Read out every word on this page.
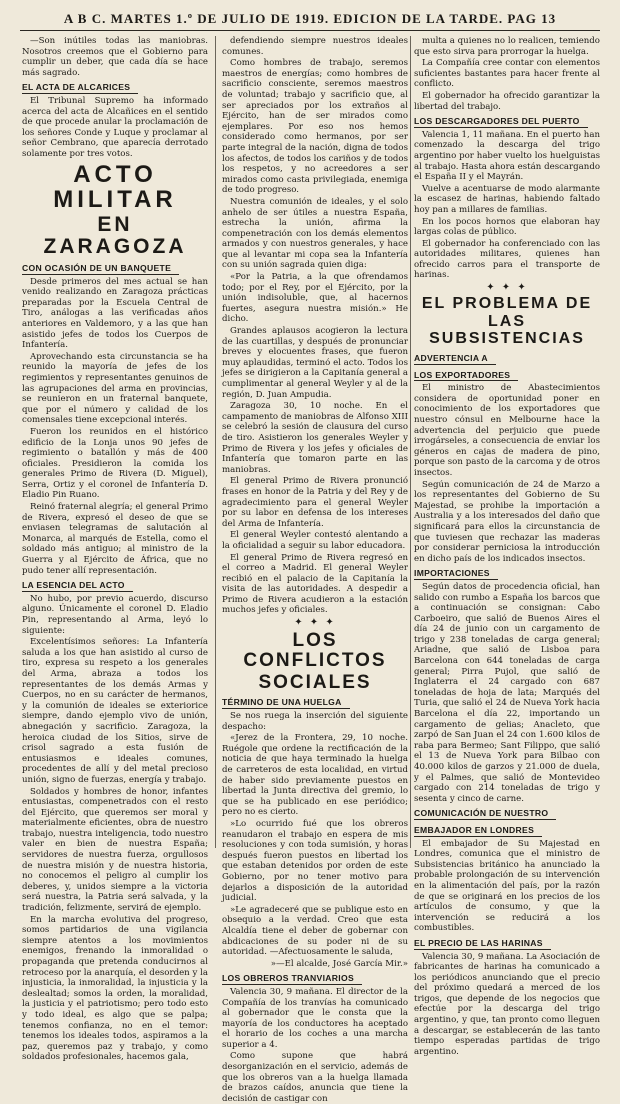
A B C. MARTES 1.º DE JULIO DE 1919. EDICION DE LA TARDE. PAG 13

—Son inútiles todas las maniobras. Nosotros creemos que el Gobierno para cumplir un deber, que cada día se hace más sagrado.

EL ACTA DE ALCARICES

El Tribunal Supremo ha informado acerca del acta de Alcañices en el sentido de que procede anular la proclamación de los señores Conde y Luque y proclamar al señor Cembrano, que aparecía derrotado solamente por tres votos.

ACTO MILITAR
EN ZARAGOZA
CON OCASIÓN DE UN BANQUETE

Desde primeros del mes actual se han venido realizando en Zaragoza prácticas preparadas por la Escuela Central de Tiro, análogas a las verificadas años anteriores en Valdemoro, y a las que han asistido jefes de todos los Cuerpos de Infantería.

Aprovechando esta circunstancia se ha reunido la mayoría de jefes de los regimientos y representantes genuinos de las agrupaciones del arma en provincias, se reunieron en un fraternal banquete, que por el número y calidad de los comensales tiene excepcional interés.

Fueron los reunidos en el histórico edificio de la Lonja unos 90 jefes de regimiento o batallón y más de 400 oficiales. Presidieron la comida los generales Primo de Rivera (D. Miguel), Serra, Ortiz y el coronel de Infantería D. Eladio Pin Ruano.

Reinó fraternal alegría; el general Primo de Rivera, expresó el deseo de que se enviasen telegramas de salutación al Monarca, al marqués de Estella, como el soldado más antiguo; al ministro de la Guerra y al Ejército de África, que no pudo tener allí representación.

LA ESENCIA DEL ACTO

No hubo, por previo acuerdo, discurso alguno. Únicamente el coronel D. Eladio Pin, representando al Arma, leyó lo siguiente:

Excelentísimos señores: La Infantería saluda a los que han asistido al curso de tiro, expresa su respeto a los generales del Arma, abraza a todos los representantes de los demás Armas y Cuerpos, no en su carácter de hermanos, y la comunión de ideales se exteriorice siempre, dando ejemplo vivo de unión, abnegación y sacrificio. Zaragoza, la heroica ciudad de los Sitios, sirve de crisol sagrado a esta fusión de entusiasmos e ideales comunes, procedentes de allí y del metal precioso unión, signo de fuerzas, energía y trabajo.

Soldados y hombres de honor, infantes entusiastas, compenetrados con el resto del Ejército, que queremos ser moral y materialmente eficientes, obra de nuestro trabajo, nuestra inteligencia, todo nuestro valer en bien de nuestra España; servidores de nuestra fuerza, orgullosos de nuestra misión y de nuestra historia, no conocemos el peligro al cumplir los deberes, y, unidos siempre a la victoria será nuestra, la Patria será salvada, y la tradición, felizmente, servirá de ejemplo.

En la marcha evolutiva del progreso, somos partidarios de una vigilancia siempre atentos a los movimientos enemigos, frenando la inmoralidad o propaganda que pretenda conducirnos al retroceso por la anarquía, el desorden y la injusticia, la inmoralidad, la injusticia y la deslealtad; somos la orden, la moralidad, la justicia y el patriotismo; pero todo esto y todo ideal, es algo que se palpa; tenemos confianza, no en el temor: tenemos los ideales todos, aspiramos a la paz, queremos paz y trabajo, y como soldados profesionales, hacemos gala,

defendiendo siempre nuestros ideales comunes.

Como hombres de trabajo, seremos maestros de energías; como hombres de sacrificio consciente, seremos maestros de voluntad; trabajo y sacrificio que, al ser apreciados por los extraños al Ejército, han de ser mirados como ejemplares. Por eso nos hemos considerado como hermanos, por ser parte integral de la nación, digna de todos los afectos, de todos los cariños y de todos los respetos, y no acreedores a ser mirados como casta privilegiada, enemiga de todo progreso.

Nuestra comunión de ideales, y el solo anhelo de ser útiles a nuestra España, estrecha la unión, afirma la compenetración con los demás elementos armados y con nuestros generales, y hace que al levantar mi copa sea la Infantería con su unión sagrada quien diga:

«Por la Patria, a la que ofrendamos todo; por el Rey, por el Ejército, por la unión indisoluble, que, al hacernos fuertes, asegura nuestra misión.» He dicho.

Grandes aplausos acogieron la lectura de las cuartillas, y después de pronunciar breves y elocuentes frases, que fueron muy aplaudidas, terminó el acto. Todos los jefes se dirigieron a la Capitanía general a cumplimentar al general Weyler y al de la región, D. Juan Ampudia.

Zaragoza 30, 10 noche. En el campamento de maniobras de Alfonso XIII se celebró la sesión de clausura del curso de tiro. Asistieron los generales Weyler y Primo de Rivera y los jefes y oficiales de Infantería que tomaron parte en las maniobras.

El general Primo de Rivera pronunció frases en honor de la Patria y del Rey y de agradecimiento para el general Weyler por su labor en defensa de los intereses del Arma de Infantería.

El general Weyler contestó alentando a la oficialidad a seguir su labor educadora.

El general Primo de Rivera regresó en el correo a Madrid. El general Weyler recibió en el palacio de la Capitanía la visita de las autoridades. A despedir a Primo de Rivera acudieron a la estación muchos jefes y oficiales.

✦ ✦ ✦
LOS CONFLICTOS
SOCIALES
TÉRMINO DE UNA HUELGA

Se nos ruega la inserción del siguiente despacho:

«Jerez de la Frontera, 29, 10 noche. Ruégole que ordene la rectificación de la noticia de que haya terminado la huelga de carreteros de esta localidad, en virtud de haber sido previamente puestos en libertad la Junta directiva del gremio, lo que se ha publicado en ese periódico; pero no es cierto.

»Lo ocurrido fué que los obreros reanudaron el trabajo en espera de mis resoluciones y con toda sumisión, y horas después fueron puestos en libertad los que estaban detenidos por orden de este Gobierno, por no tener motivo para dejarlos a disposición de la autoridad judicial.

»Le agradeceré que se publique esto en obsequio a la verdad. Creo que esta Alcaldía tiene el deber de gobernar con abdicaciones de su poder ni de su autoridad. —Afectuosamente le saluda,

»—El alcalde, José García Mir.»

LOS OBREROS TRANVIARIOS

Valencia 30, 9 mañana. El director de la Compañía de los tranvías ha comunicado al gobernador que le consta que la mayoría de los conductores ha aceptado el horario de los coches a una marcha superior a 4.

Como supone que habrá desorganización en el servicio, además de que los obreros van a la huelga llamada de brazos caídos, anuncia que tiene la decisión de castigar con

multa a quienes no lo realicen, temiendo que esto sirva para prorrogar la huelga.

La Compañía cree contar con elementos suficientes bastantes para hacer frente al conflicto.

El gobernador ha ofrecido garantizar la libertad del trabajo.

LOS DESCARGADORES DEL PUERTO

Valencia 1, 11 mañana. En el puerto han comenzado la descarga del trigo argentino por haber vuelto los huelguistas al trabajo. Hasta ahora están descargando el España II y el Mayrán.

Vuelve a acentuarse de modo alarmante la escasez de harinas, habiendo faltado hoy pan a millares de familias.

En los pocos hornos que elaboran hay largas colas de público.

El gobernador ha conferenciado con las autoridades militares, quienes han ofrecido carros para el transporte de harinas.

✦ ✦ ✦
EL PROBLEMA DE
LAS SUBSISTENCIAS
ADVERTENCIA A
LOS EXPORTADORES

El ministro de Abastecimientos considera de oportunidad poner en conocimiento de los exportadores que nuestro cónsul en Melbourne hace la advertencia del perjuicio que puede irrogárseles, a consecuencia de enviar los géneros en cajas de madera de pino, porque son pasto de la carcoma y de otros insectos.

Según comunicación de 24 de Marzo a los representantes del Gobierno de Su Majestad, se prohibe la importación a Australia y a los interesados del daño que significará para ellos la circunstancia de que tuviesen que rechazar las maderas por considerar perniciosa la introducción en dicho país de los indicados insectos.

IMPORTACIONES

Según datos de procedencia oficial, han salido con rumbo a España los barcos que a continuación se consignan: Cabo Carboeiro, que salió de Buenos Aires el día 24 de junio con un cargamento de trigo y 238 toneladas de carga general; Ariadne, que salió de Lisboa para Barcelona con 644 toneladas de carga general; Pirra Pujol, que salió de Inglaterra el 24 cargado con 687 toneladas de hoja de lata; Marqués del Turia, que salió el 24 de Nueva York hacia Barcelona el día 22, importando un cargamento de gelias; Anacleto, que zarpó de San Juan el 24 con 1.600 kilos de raba para Bermeo; Sant Filippo, que salió el 13 de Nueva York para Bilbao con 40.000 kilos de garzos y 21.000 de duela, y el Palmes, que salió de Montevideo cargado con 214 toneladas de trigo y sesenta y cinco de carne.

COMUNICACIÓN DE NUESTRO EMBAJADOR EN LONDRES

El embajador de Su Majestad en Londres, comunica que el ministro de Subsistencias británico ha anunciado la probable prolongación de su intervención en la alimentación del país, por la razón de que se originará en los precios de los artículos de consumo, y que la intervención se reducirá a los combustibles.

EL PRECIO DE LAS HARINAS

Valencia 30, 9 mañana. La Asociación de fabricantes de harinas ha comunicado a los periódicos anunciando que el precio del próximo quedará a merced de los trigos, que depende de los negocios que efectúe por la descarga del trigo argentino, y que, tan pronto como lleguen a descargar, se establecerán de las tanto tiempo esperadas partidas de trigo argentino.
